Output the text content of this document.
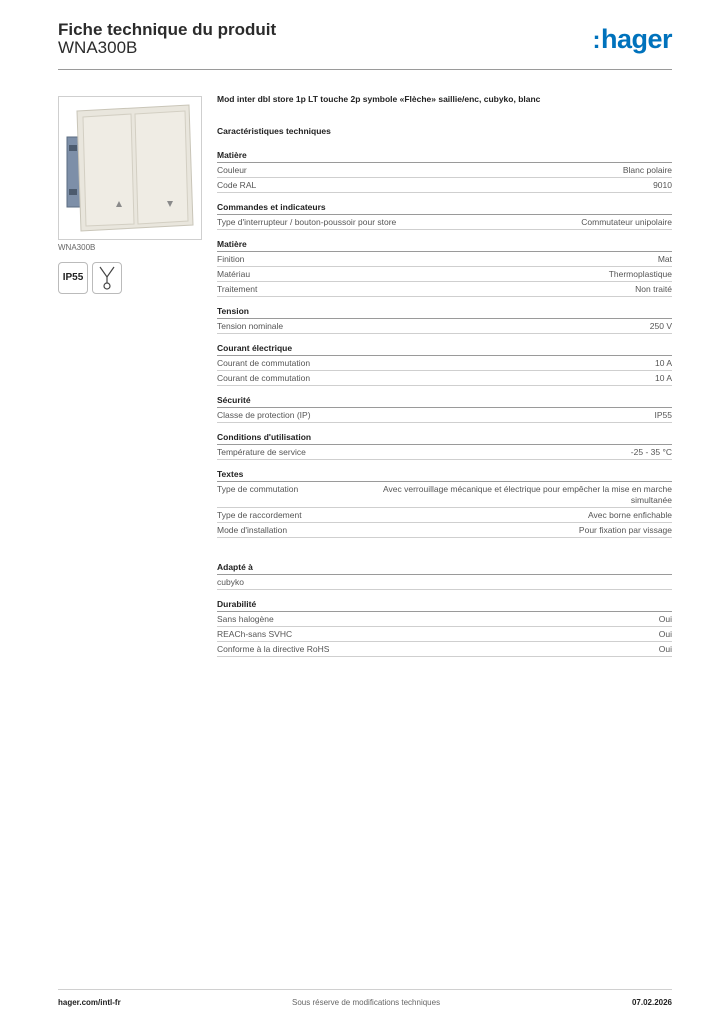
Fiche technique du produit
WNA300B	:hager
WNA300B
IP55
Mod inter dbl store 1p LT touche 2p symbole «Flèche» saillie/enc, cubyko, blanc
Caractéristiques techniques
Matière
Couleur	Blanc polaire
Code RAL	9010
Commandes et indicateurs
Type d'interrupteur / bouton-poussoir pour store	Commutateur unipolaire
Matière
Finition	Mat
Matériau	Thermoplastique
Traitement	Non traité
Tension
Tension nominale	250 V
Courant électrique
Courant de commutation	10 A
Courant de commutation	10 A
Sécurité
Classe de protection (IP)	IP55
Conditions d'utilisation
Température de service	-25 - 35 °C
Textes
Type de commutation	Avec verrouillage mécanique et électrique pour empêcher la mise en marche simultanée
Type de raccordement	Avec borne enfichable
Mode d'installation	Pour fixation par vissage
Adapté à
cubyko
Durabilité
Sans halogène	Oui
REACh-sans SVHC	Oui
Conforme à la directive RoHS	Oui
hager.com/intl-fr	Sous réserve de modifications techniques	07.02.2026
